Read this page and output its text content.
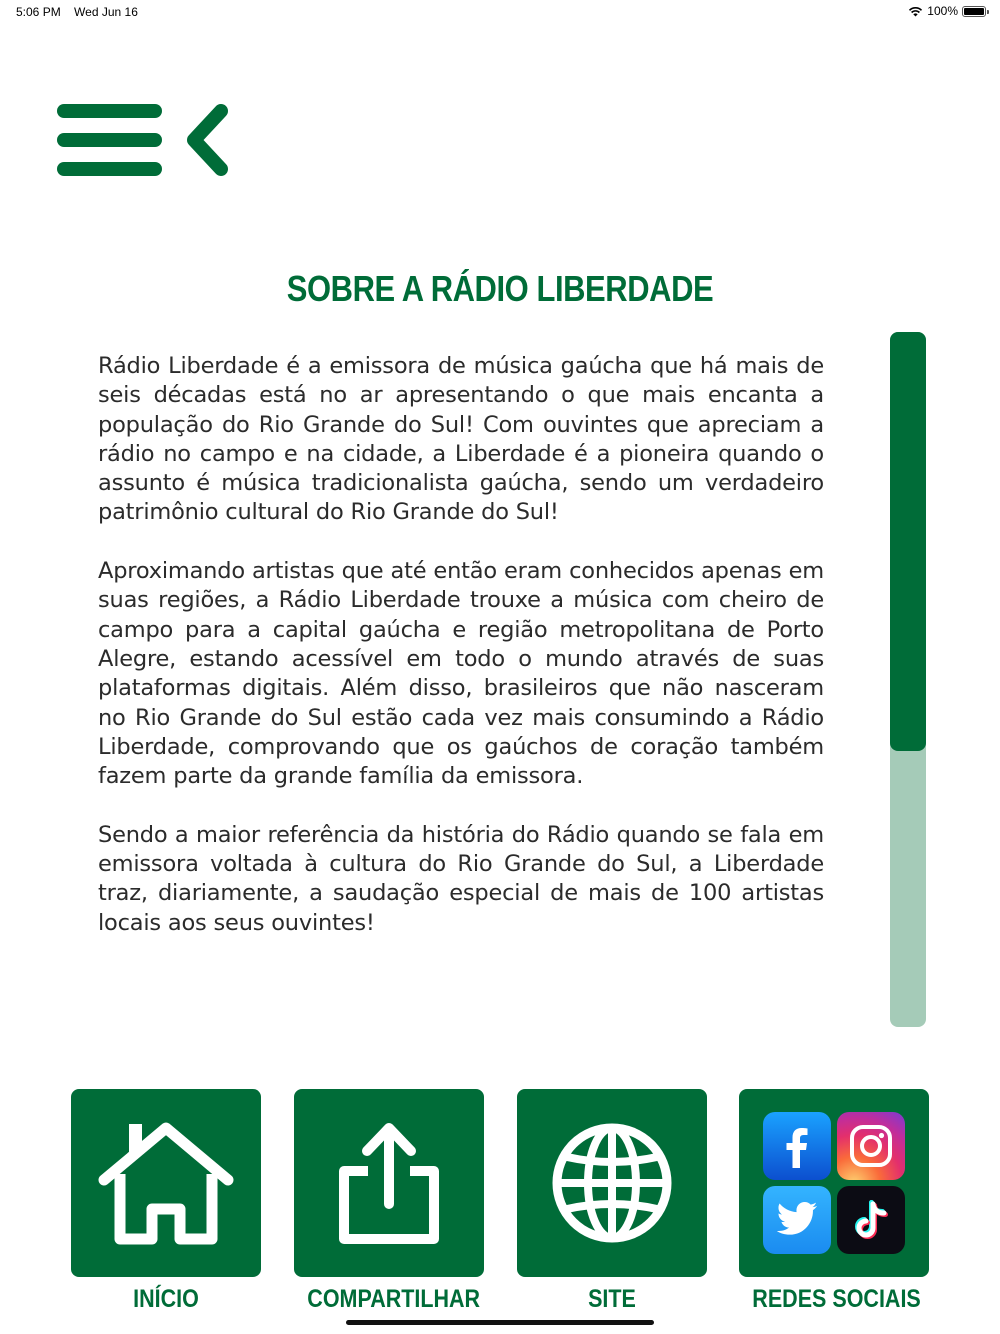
5:06 PM Wed Jun 16	100%
SOBRE A RÁDIO LIBERDADE

Rádio Liberdade é a emissora de música gaúcha que há mais de seis décadas está no ar apresentando o que mais encanta a população do Rio Grande do Sul! Com ouvintes que apreciam a rádio no campo e na cidade, a Liberdade é a pioneira quando o assunto é música tradicionalista gaúcha, sendo um verdadeiro patrimônio cultural do Rio Grande do Sul!

Aproximando artistas que até então eram conhecidos apenas em suas regiões, a Rádio Liberdade trouxe a música com cheiro de campo para a capital gaúcha e região metropolitana de Porto Alegre, estando acessível em todo o mundo através de suas plataformas digitais. Além disso, brasileiros que não nasceram no Rio Grande do Sul estão cada vez mais consumindo a Rádio Liberdade, comprovando que os gaúchos de coração também fazem parte da grande família da emissora.

Sendo a maior referência da história do Rádio quando se fala em emissora voltada à cultura do Rio Grande do Sul, a Liberdade traz, diariamente, a saudação especial de mais de 100 artistas locais aos seus ouvintes!

INÍCIO	COMPARTILHAR	SITE	REDES SOCIAIS
